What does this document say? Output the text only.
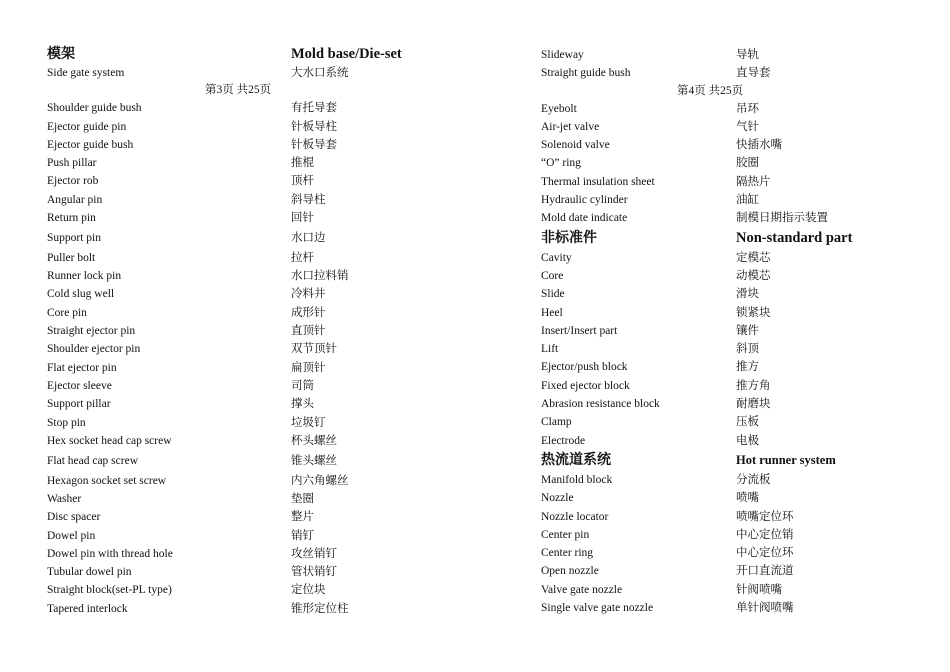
模架	Mold base/Die-set
Side gate system	大水口系统
第3页 共25页
Shoulder guide bush	有托导套
Ejector guide pin	针板导柱
Ejector guide bush	针板导套
Push pillar	推棍
Ejector rob	顶杆
Angular pin	斜导柱
Return pin	回针
Support pin	水口边
Puller bolt	拉杆
Runner lock pin	水口拉料销
Cold slug well	冷料井
Core pin	成形针
Straight ejector pin	直顶针
Shoulder ejector pin	双节顶针
Flat ejector pin	扁顶针
Ejector sleeve	司筒
Support pillar	撑头
Stop pin	垃圾钉
Hex socket head cap screw	杯头螺丝
Flat head cap screw	锥头螺丝
Hexagon socket set screw	内六角螺丝
Washer	垫圈
Disc spacer	整片
Dowel pin	销钉
Dowel pin with thread hole	攻丝销钉
Tubular dowel pin	管状销钉
Straight block(set-PL type)	定位块
Tapered interlock	锥形定位柱
Slideway	导轨
Straight guide bush	直导套
第4页 共25页
Eyebolt	吊环
Air-jet valve	气针
Solenoid valve	快插水嘴
“O” ring	胶圈
Thermal insulation sheet	隔热片
Hydraulic cylinder	油缸
Mold date indicate	制模日期指示装置
非标准件	Non-standard part
Cavity	定模芯
Core	动模芯
Slide	滑块
Heel	锁紧块
Insert/Insert part	镶件
Lift	斜顶
Ejector/push block	推方
Fixed ejector block	推方角
Abrasion resistance block	耐磨块
Clamp	压板
Electrode	电极
热流道系统	Hot runner system
Manifold block	分流板
Nozzle	喷嘴
Nozzle locator	喷嘴定位环
Center pin	中心定位销
Center ring	中心定位环
Open nozzle	开口直流道
Valve gate nozzle	针阀喷嘴
Single valve gate nozzle	单针阀喷嘴
